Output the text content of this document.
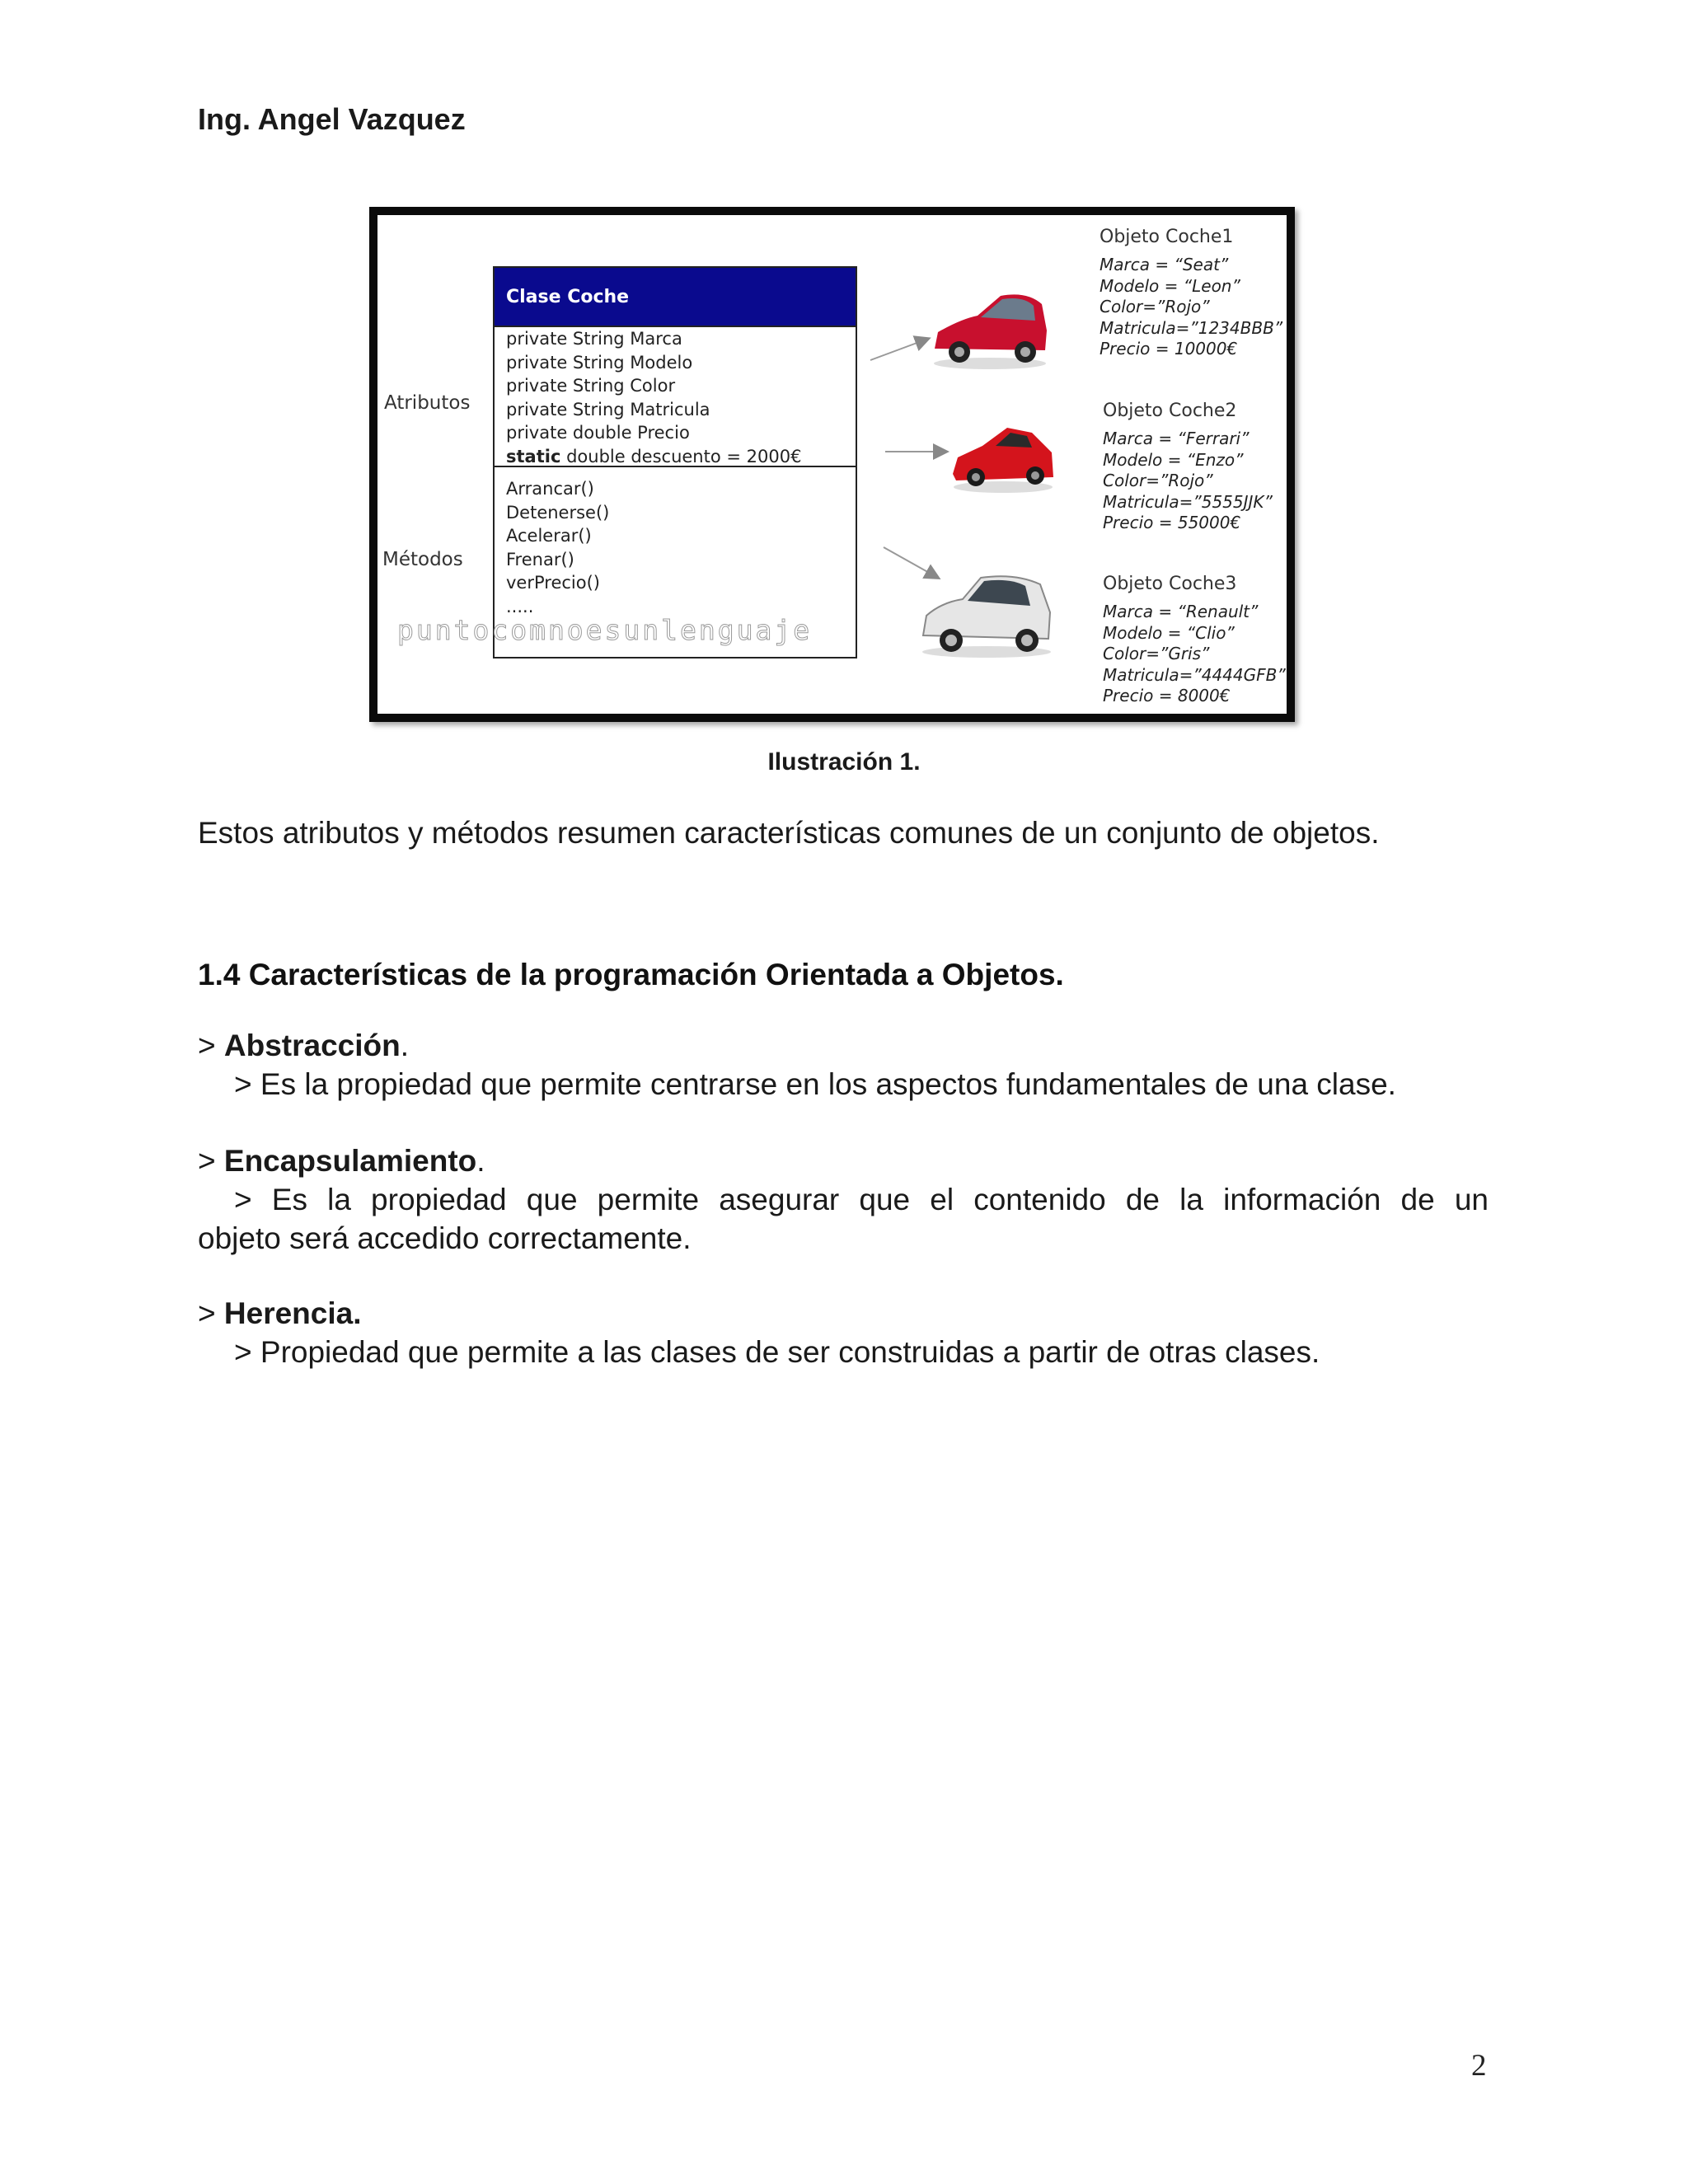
Ing. Angel Vazquez
Atributos
Métodos
Clase Coche
private String Marca
private String Modelo
private String Color
private String Matricula
private double Precio
static double descuento = 2000€
Arrancar()
Detenerse()
Acelerar()
Frenar()
verPrecio()
.....
puntocomnoesunlenguaje
Objeto Coche1
Marca = “Seat”
Modelo = “Leon”
Color=”Rojo”
Matricula=”1234BBB”
Precio = 10000€
Objeto Coche2
Marca = “Ferrari”
Modelo = “Enzo”
Color=”Rojo”
Matricula=”5555JJK”
Precio = 55000€
Objeto Coche3
Marca = “Renault”
Modelo = “Clio”
Color=”Gris”
Matricula=”4444GFB”
Precio = 8000€
Ilustración 1.
Estos atributos y métodos resumen características comunes de un conjunto de objetos.
1.4 Características de la programación Orientada a Objetos.
> Abstracción.
> Es la propiedad que permite centrarse en los aspectos fundamentales de una clase.
> Encapsulamiento.
> Es la propiedad que permite asegurar que el contenido de la información de un
objeto será accedido correctamente.
> Herencia.
> Propiedad que permite a las clases de ser construidas a partir de otras clases.
2
